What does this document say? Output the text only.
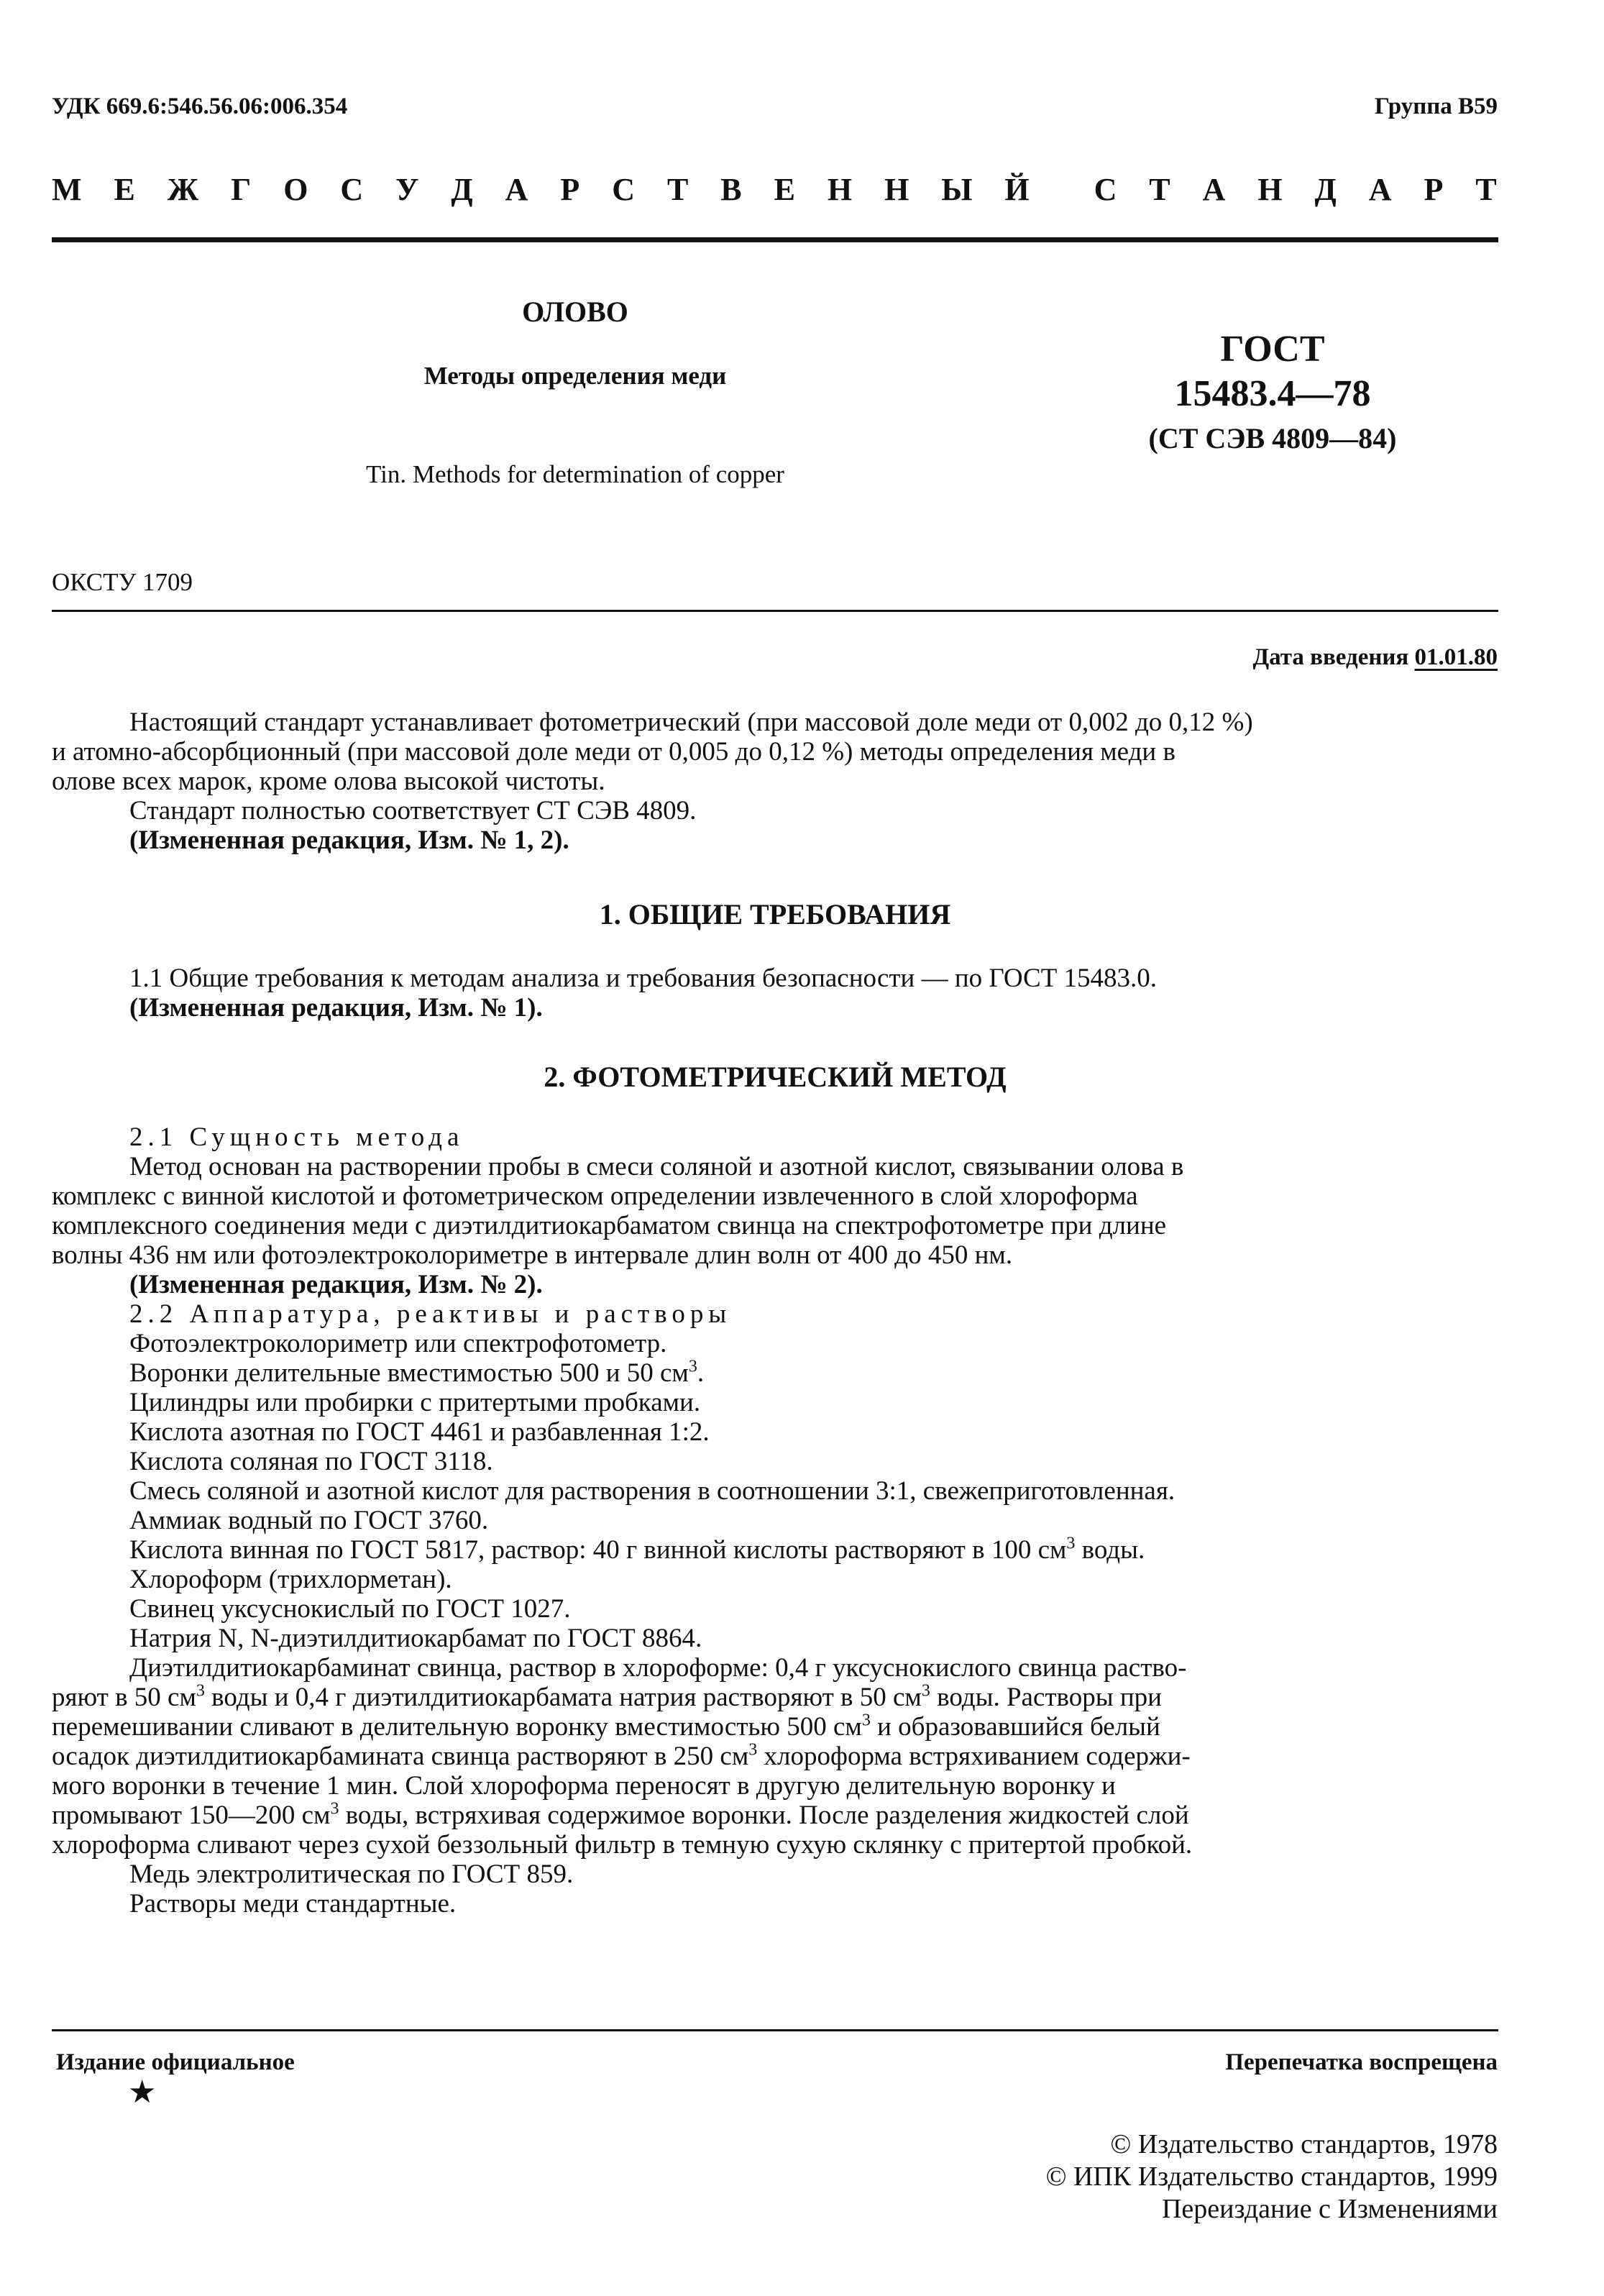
УДК 669.6:546.56.06:006.354	Группа В59
М Е Ж Г О С У Д А Р С Т В Е Н Н Ы Й С Т А Н Д А Р Т
ОЛОВО
Методы определения меди
Tin. Methods for determination of copper
ГОСТ
15483.4—78
(СТ СЭВ 4809—84)
ОКСТУ 1709
Дата введения 01.01.80
Настоящий стандарт устанавливает фотометрический (при массовой доле меди от 0,002 до 0,12 %)
и атомно-абсорбционный (при массовой доле меди от 0,005 до 0,12 %) методы определения меди в
олове всех марок, кроме олова высокой чистоты.
Стандарт полностью соответствует СТ СЭВ 4809.
(Измененная редакция, Изм. № 1, 2).
1. ОБЩИЕ ТРЕБОВАНИЯ
1.1 Общие требования к методам анализа и требования безопасности — по ГОСТ 15483.0.
(Измененная редакция, Изм. № 1).
2. ФОТОМЕТРИЧЕСКИЙ МЕТОД
2.1 Сущность метода
Метод основан на растворении пробы в смеси соляной и азотной кислот, связывании олова в
комплекс с винной кислотой и фотометрическом определении извлеченного в слой хлороформа
комплексного соединения меди с диэтилдитиокарбаматом свинца на спектрофотометре при длине
волны 436 нм или фотоэлектроколориметре в интервале длин волн от 400 до 450 нм.
(Измененная редакция, Изм. № 2).
2.2 Аппаратура, реактивы и растворы
Фотоэлектроколориметр или спектрофотометр.
Воронки делительные вместимостью 500 и 50 $см^3$.
Цилиндры или пробирки с притертыми пробками.
Кислота азотная по ГОСТ 4461 и разбавленная 1:2.
Кислота соляная по ГОСТ 3118.
Смесь соляной и азотной кислот для растворения в соотношении 3:1, свежеприготовленная.
Аммиак водный по ГОСТ 3760.
Кислота винная по ГОСТ 5817, раствор: 40 г винной кислоты растворяют в 100 $см^3$ воды.
Хлороформ (трихлорметан).
Свинец уксуснокислый по ГОСТ 1027.
Натрия N, N-диэтилдитиокарбамат по ГОСТ 8864.
Диэтилдитиокарбаминат свинца, раствор в хлороформе: 0,4 г уксуснокислого свинца раство-
ряют в 50 $см^3$ воды и 0,4 г диэтилдитиокарбамата натрия растворяют в 50 $см^3$ воды. Растворы при
перемешивании сливают в делительную воронку вместимостью 500 $см^3$ и образовавшийся белый
осадок диэтилдитиокарбамината свинца растворяют в 250 $см^3$ хлороформа встряхиванием содержи-
мого воронки в течение 1 мин. Слой хлороформа переносят в другую делительную воронку и
промывают 150—200 $см^3$ воды, встряхивая содержимое воронки. После разделения жидкостей слой
хлороформа сливают через сухой беззольный фильтр в темную сухую склянку с притертой пробкой.
Медь электролитическая по ГОСТ 859.
Растворы меди стандартные.
Издание официальное
★
Перепечатка воспрещена
© Издательство стандартов, 1978
© ИПК Издательство стандартов, 1999
Переиздание с Изменениями
